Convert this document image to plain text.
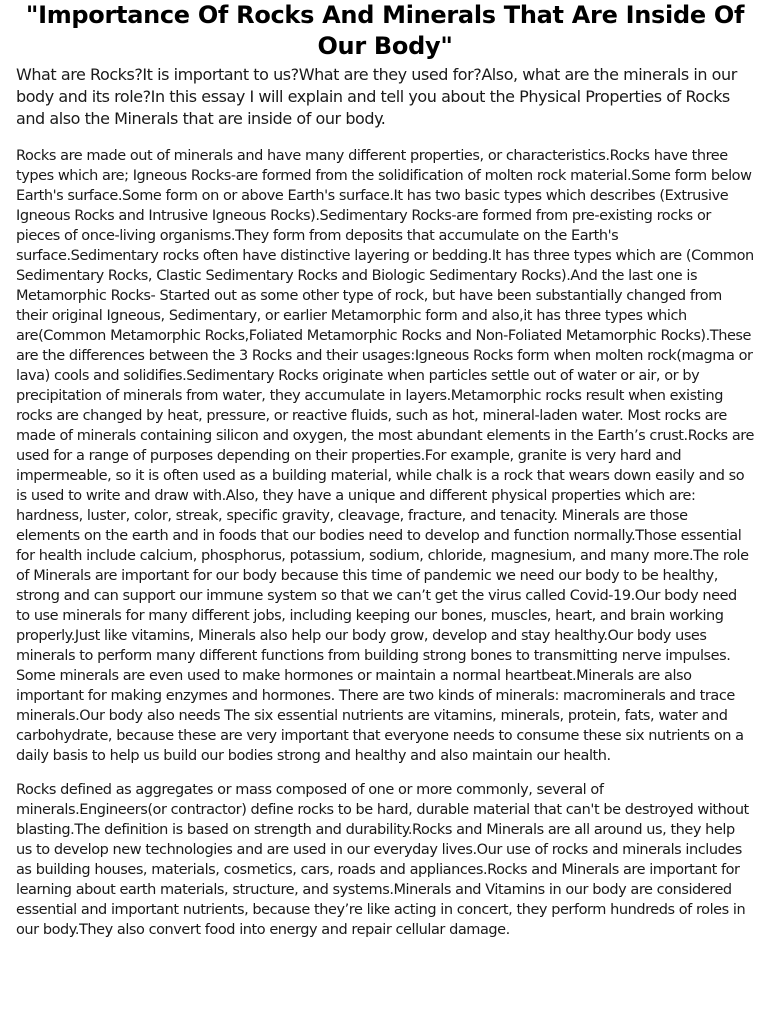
"Importance Of Rocks And Minerals That Are Inside Of Our Body"

What are Rocks?It is important to us?What are they used for?Also, what are the minerals in our body and its role?In this essay I will explain and tell you about the Physical Properties of Rocks and also the Minerals that are inside of our body.

Rocks are made out of minerals and have many different properties, or characteristics.Rocks have three types which are; Igneous Rocks-are formed from the solidification of molten rock material.Some form below Earth's surface.Some form on or above Earth's surface.It has two basic types which describes (Extrusive Igneous Rocks and Intrusive Igneous Rocks).Sedimentary Rocks-are formed from pre-existing rocks or pieces of once-living organisms.They form from deposits that accumulate on the Earth's surface.Sedimentary rocks often have distinctive layering or bedding.It has three types which are (Common Sedimentary Rocks, Clastic Sedimentary Rocks and Biologic Sedimentary Rocks).And the last one is Metamorphic Rocks- Started out as some other type of rock, but have been substantially changed from their original Igneous, Sedimentary, or earlier Metamorphic form and also,it has three types which are(Common Metamorphic Rocks,Foliated Metamorphic Rocks and Non-Foliated Metamorphic Rocks).These are the differences between the 3 Rocks and their usages:Igneous Rocks form when molten rock(magma or lava) cools and solidifies.Sedimentary Rocks originate when particles settle out of water or air, or by precipitation of minerals from water, they accumulate in layers.Metamorphic rocks result when existing rocks are changed by heat, pressure, or reactive fluids, such as hot, mineral-laden water. Most rocks are made of minerals containing silicon and oxygen, the most abundant elements in the Earth’s crust.Rocks are used for a range of purposes depending on their properties.For example, granite is very hard and impermeable, so it is often used as a building material, while chalk is a rock that wears down easily and so is used to write and draw with.Also, they have a unique and different physical properties which are: hardness, luster, color, streak, specific gravity, cleavage, fracture, and tenacity. Minerals are those elements on the earth and in foods that our bodies need to develop and function normally.Those essential for health include calcium, phosphorus, potassium, sodium, chloride, magnesium, and many more.The role of Minerals are important for our body because this time of pandemic we need our body to be healthy, strong and can support our immune system so that we can’t get the virus called Covid-19.Our body need to use minerals for many different jobs, including keeping our bones, muscles, heart, and brain working properly.Just like vitamins, Minerals also help our body grow, develop and stay healthy.Our body uses minerals to perform many different functions from building strong bones to transmitting nerve impulses. Some minerals are even used to make hormones or maintain a normal heartbeat.Minerals are also important for making enzymes and hormones. There are two kinds of minerals: macrominerals and trace minerals.Our body also needs The six essential nutrients are vitamins, minerals, protein, fats, water and carbohydrate, because these are very important that everyone needs to consume these six nutrients on a daily basis to help us build our bodies strong and healthy and also maintain our health.

Rocks defined as aggregates or mass composed of one or more commonly, several of minerals.Engineers(or contractor) define rocks to be hard, durable material that can't be destroyed without blasting.The definition is based on strength and durability.Rocks and Minerals are all around us, they help us to develop new technologies and are used in our everyday lives.Our use of rocks and minerals includes as building houses, materials, cosmetics, cars, roads and appliances.Rocks and Minerals are important for learning about earth materials, structure, and systems.Minerals and Vitamins in our body are considered essential and important nutrients, because they’re like acting in concert, they perform hundreds of roles in our body.They also convert food into energy and repair cellular damage.
